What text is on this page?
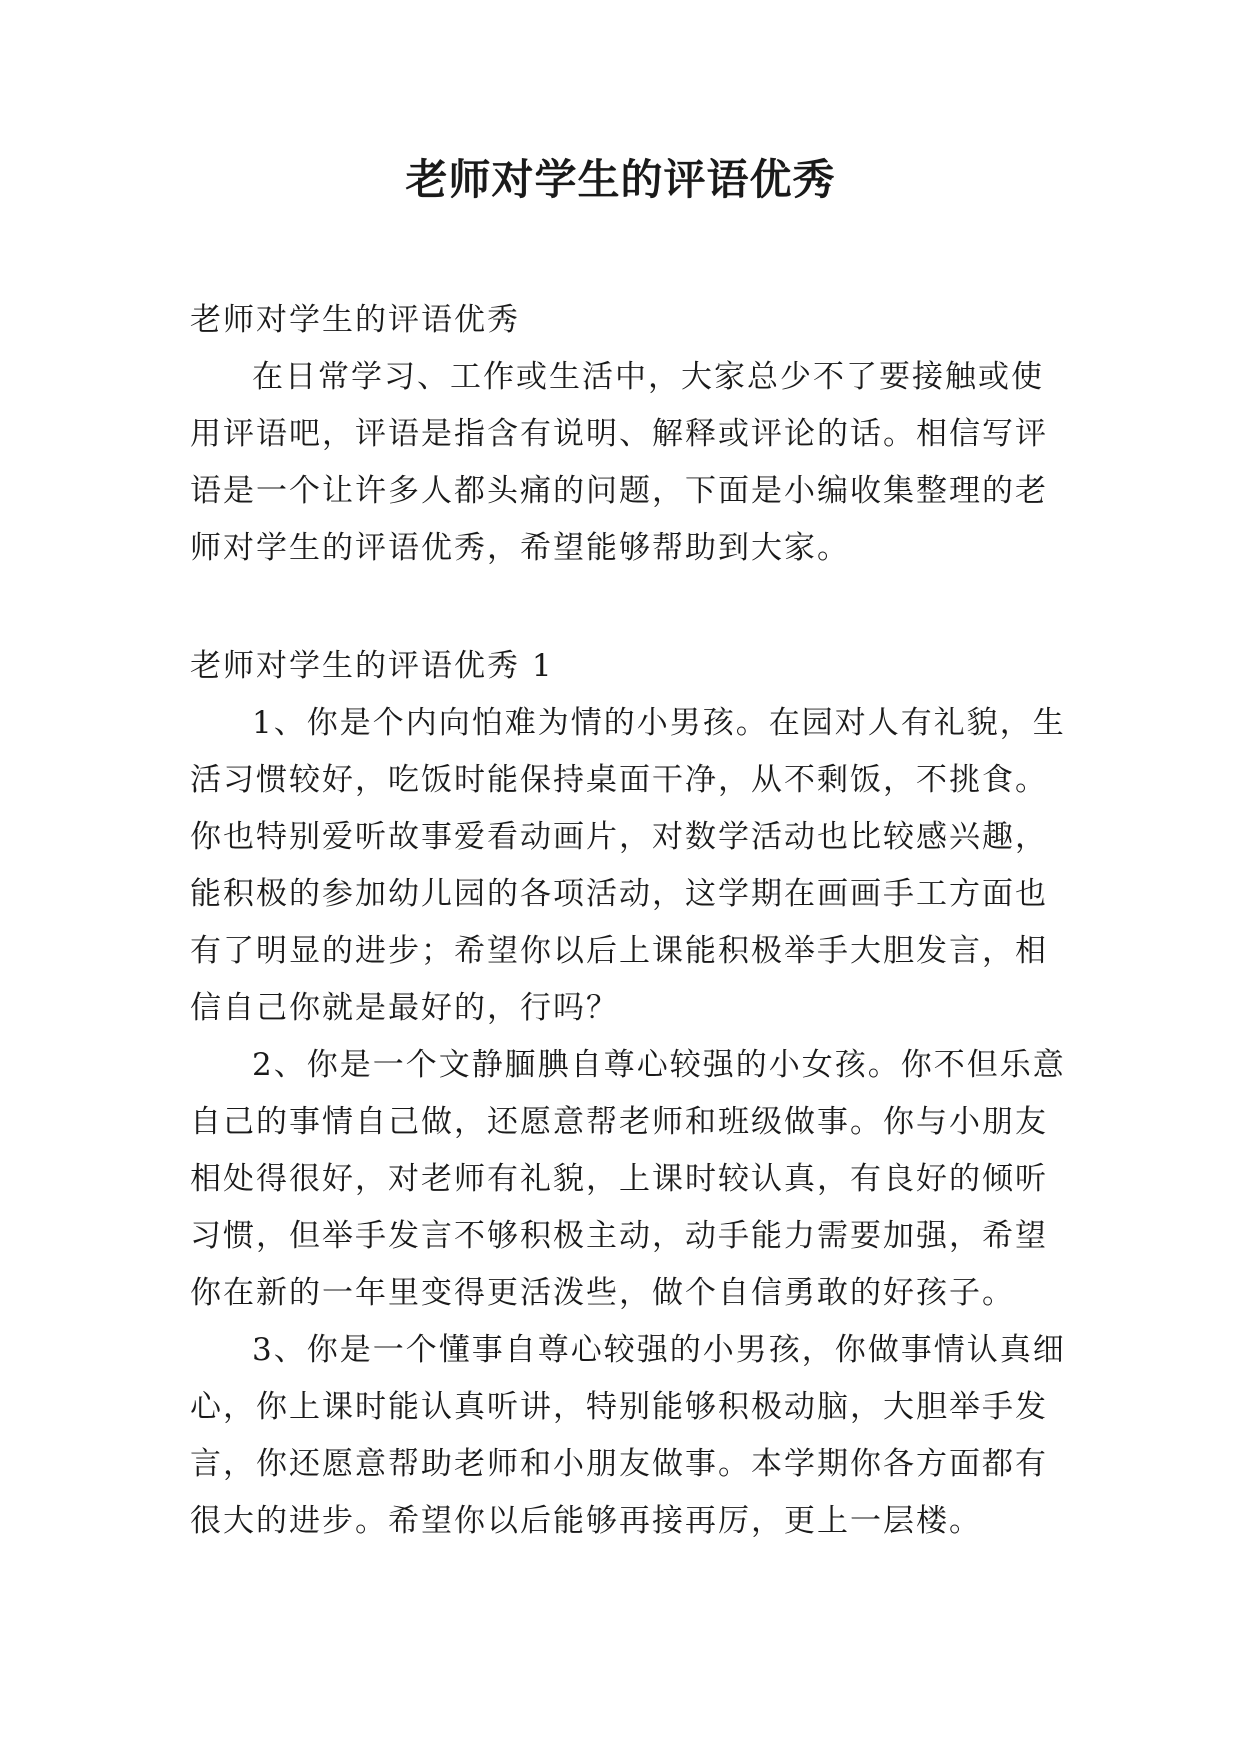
老师对学生的评语优秀

老师对学生的评语优秀

在日常学习、工作或生活中，大家总少不了要接触或使用评语吧，评语是指含有说明、解释或评论的话。相信写评语是一个让许多人都头痛的问题，下面是小编收集整理的老师对学生的评语优秀，希望能够帮助到大家。

老师对学生的评语优秀 1

1、你是个内向怕难为情的小男孩。在园对人有礼貌，生活习惯较好，吃饭时能保持桌面干净，从不剩饭，不挑食。你也特别爱听故事爱看动画片，对数学活动也比较感兴趣，能积极的参加幼儿园的各项活动，这学期在画画手工方面也有了明显的进步；希望你以后上课能积极举手大胆发言，相信自己你就是最好的，行吗？

2、你是一个文静腼腆自尊心较强的小女孩。你不但乐意自己的事情自己做，还愿意帮老师和班级做事。你与小朋友相处得很好，对老师有礼貌，上课时较认真，有良好的倾听习惯，但举手发言不够积极主动，动手能力需要加强，希望你在新的一年里变得更活泼些，做个自信勇敢的好孩子。

3、你是一个懂事自尊心较强的小男孩，你做事情认真细心，你上课时能认真听讲，特别能够积极动脑，大胆举手发言，你还愿意帮助老师和小朋友做事。本学期你各方面都有很大的进步。希望你以后能够再接再厉，更上一层楼。
